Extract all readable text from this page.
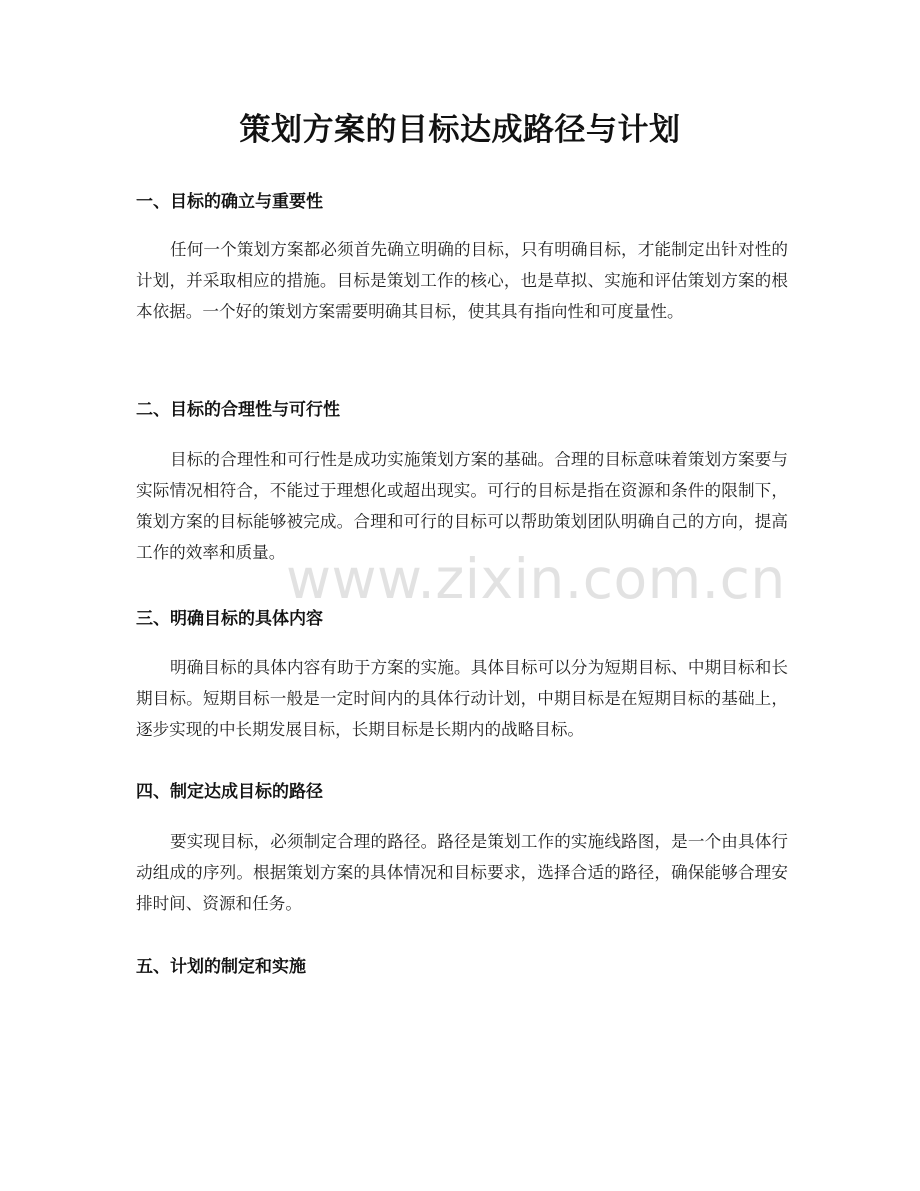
策划方案的目标达成路径与计划
一、目标的确立与重要性

任何一个策划方案都必须首先确立明确的目标，只有明确目标，才能制定出针对性的计划，并采取相应的措施。目标是策划工作的核心，也是草拟、实施和评估策划方案的根本依据。一个好的策划方案需要明确其目标，使其具有指向性和可度量性。

二、目标的合理性与可行性

目标的合理性和可行性是成功实施策划方案的基础。合理的目标意味着策划方案要与实际情况相符合，不能过于理想化或超出现实。可行的目标是指在资源和条件的限制下，策划方案的目标能够被完成。合理和可行的目标可以帮助策划团队明确自己的方向，提高工作的效率和质量。

三、明确目标的具体内容

明确目标的具体内容有助于方案的实施。具体目标可以分为短期目标、中期目标和长期目标。短期目标一般是一定时间内的具体行动计划，中期目标是在短期目标的基础上，逐步实现的中长期发展目标，长期目标是长期内的战略目标。

四、制定达成目标的路径

要实现目标，必须制定合理的路径。路径是策划工作的实施线路图，是一个由具体行动组成的序列。根据策划方案的具体情况和目标要求，选择合适的路径，确保能够合理安排时间、资源和任务。

五、计划的制定和实施
www.zixin.com.cn
